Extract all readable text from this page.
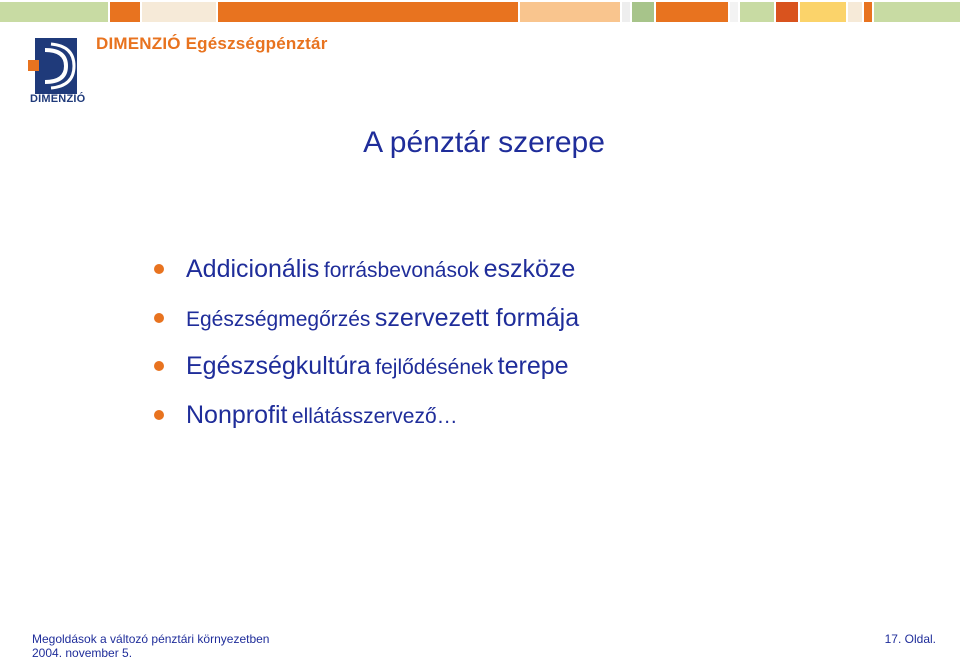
DIMENZIÓ
DIMENZIÓ Egészségpénztár
A pénztár szerepe
Addicionális forrásbevonások eszköze
Egészségmegőrzés szervezett formája
Egészségkultúra fejlődésének terepe
Nonprofit ellátásszervező…
Megoldások a változó pénztári környezetben
2004. november 5.
17. Oldal.
